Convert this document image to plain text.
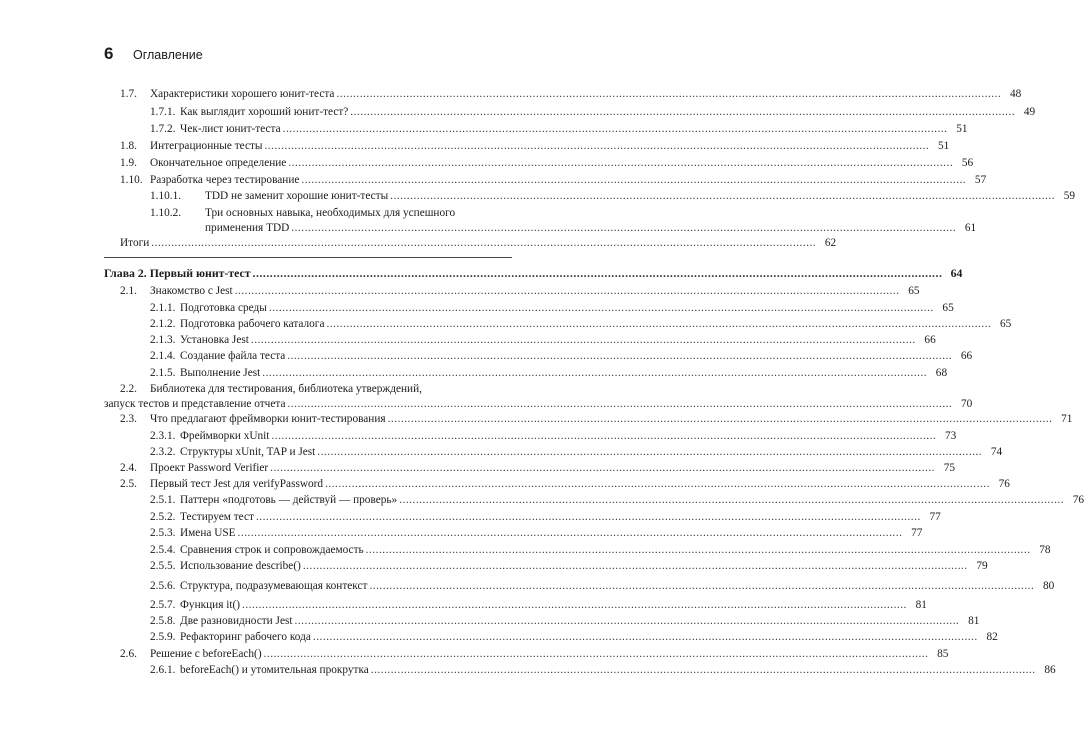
6 Оглавление
1.7. Характеристики хорошего юнит-теста ........................................................................................................................................................................................................ 48
1.7.1. Как выглядит хороший юнит-тест? ........................................................................................................................................................................................................ 49
1.7.2. Чек-лист юнит-теста ........................................................................................................................................................................................................ 51
1.8. Интеграционные тесты ........................................................................................................................................................................................................ 51
1.9. Окончательное определение ........................................................................................................................................................................................................ 56
1.10. Разработка через тестирование ........................................................................................................................................................................................................ 57
1.10.1. TDD не заменит хорошие юнит-тесты ........................................................................................................................................................................................................ 59
1.10.2. Три основных навыка, необходимых для успешного
применения TDD ........................................................................................................................................................................................................ 61
Итоги ........................................................................................................................................................................................................ 62
Глава 2. Первый юнит-тест ........................................................................................................................................................................................................ 64
2.1. Знакомство с Jest ........................................................................................................................................................................................................ 65
2.1.1. Подготовка среды ........................................................................................................................................................................................................ 65
2.1.2. Подготовка рабочего каталога ........................................................................................................................................................................................................ 65
2.1.3. Установка Jest ........................................................................................................................................................................................................ 66
2.1.4. Создание файла теста ........................................................................................................................................................................................................ 66
2.1.5. Выполнение Jest ........................................................................................................................................................................................................ 68
2.2. Библиотека для тестирования, библиотека утверждений,
запуск тестов и представление отчета ........................................................................................................................................................................................................ 70
2.3. Что предлагают фреймворки юнит-тестирования ........................................................................................................................................................................................................ 71
2.3.1. Фреймворки xUnit ........................................................................................................................................................................................................ 73
2.3.2. Структуры xUnit, TAP и Jest ........................................................................................................................................................................................................ 74
2.4. Проект Password Verifier ........................................................................................................................................................................................................ 75
2.5. Первый тест Jest для verifyPassword ........................................................................................................................................................................................................ 76
2.5.1. Паттерн «подготовь — действуй — проверь» ........................................................................................................................................................................................................ 76
2.5.2. Тестируем тест ........................................................................................................................................................................................................ 77
2.5.3. Имена USE ........................................................................................................................................................................................................ 77
2.5.4. Сравнения строк и сопровождаемость ........................................................................................................................................................................................................ 78
2.5.5. Использование describe() ........................................................................................................................................................................................................ 79
2.5.6. Структура, подразумевающая контекст ........................................................................................................................................................................................................ 80
2.5.7. Функция it() ........................................................................................................................................................................................................ 81
2.5.8. Две разновидности Jest ........................................................................................................................................................................................................ 81
2.5.9. Рефакторинг рабочего кода ........................................................................................................................................................................................................ 82
2.6. Решение с beforeEach() ........................................................................................................................................................................................................ 85
2.6.1. beforeEach() и утомительная прокрутка ........................................................................................................................................................................................................ 86
